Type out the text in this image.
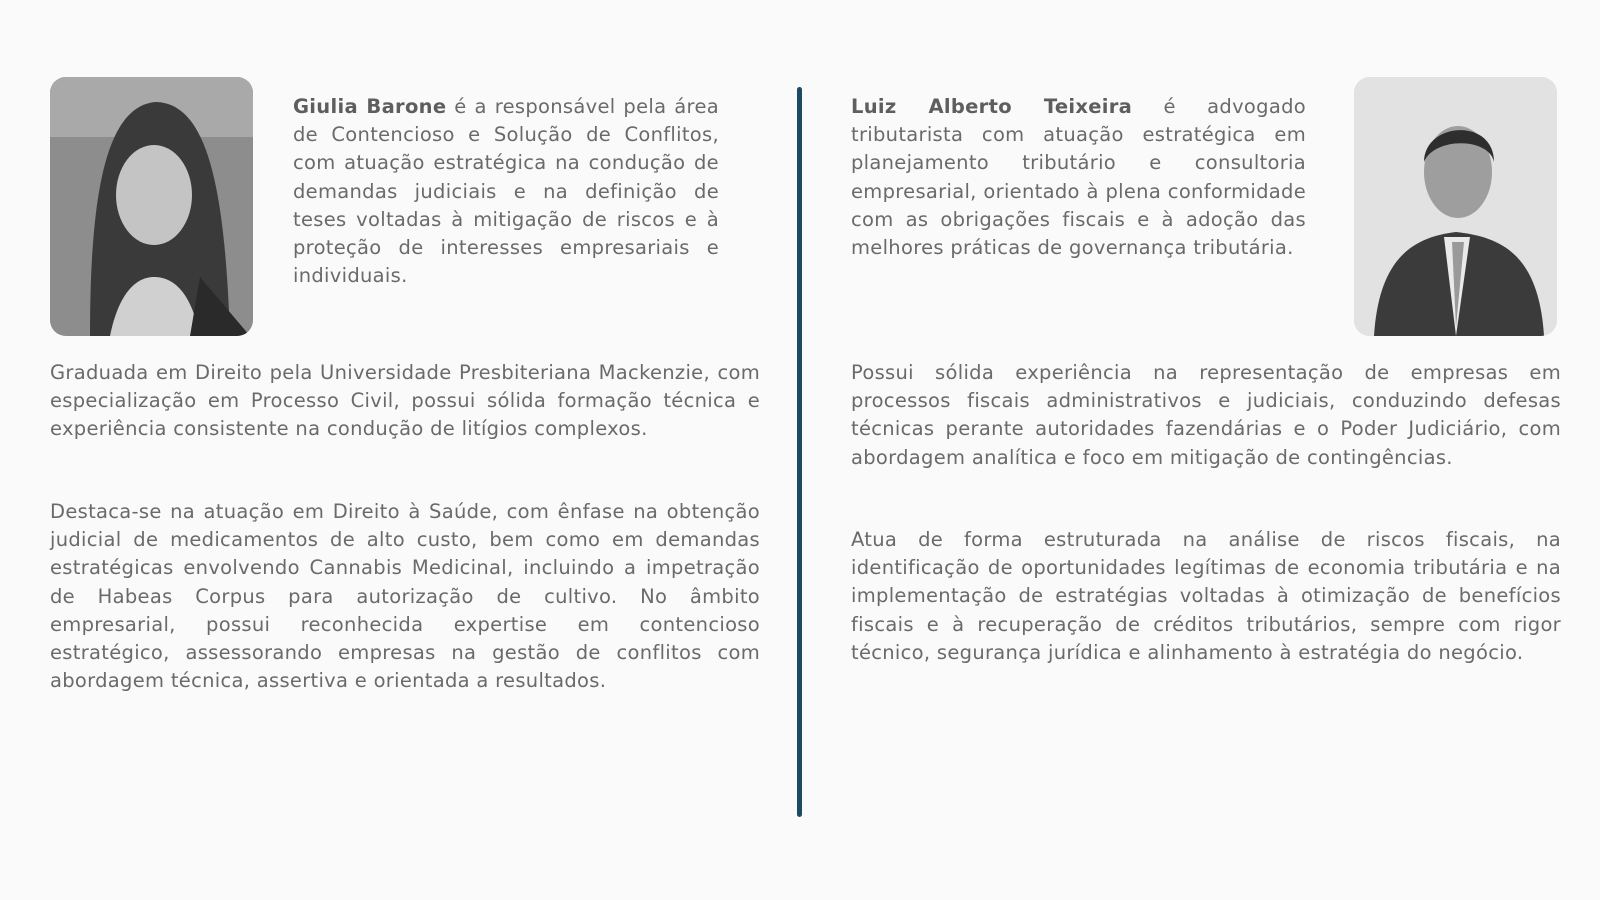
Giulia Barone é a responsável pela área de Contencioso e Solução de Conflitos, com atuação estratégica na condução de demandas judiciais e na definição de teses voltadas à mitigação de riscos e à proteção de interesses empresariais e individuais.

Graduada em Direito pela Universidade Presbiteriana Mackenzie, com especialização em Processo Civil, possui sólida formação técnica e experiência consistente na condução de litígios complexos.

Destaca-se na atuação em Direito à Saúde, com ênfase na obtenção judicial de medicamentos de alto custo, bem como em demandas estratégicas envolvendo Cannabis Medicinal, incluindo a impetração de Habeas Corpus para autorização de cultivo. No âmbito empresarial, possui reconhecida expertise em contencioso estratégico, assessorando empresas na gestão de conflitos com abordagem técnica, assertiva e orientada a resultados.

Luiz Alberto Teixeira é advogado tributarista com atuação estratégica em planejamento tributário e consultoria empresarial, orientado à plena conformidade com as obrigações fiscais e à adoção das melhores práticas de governança tributária.

Possui sólida experiência na representação de empresas em processos fiscais administrativos e judiciais, conduzindo defesas técnicas perante autoridades fazendárias e o Poder Judiciário, com abordagem analítica e foco em mitigação de contingências.

Atua de forma estruturada na análise de riscos fiscais, na identificação de oportunidades legítimas de economia tributária e na implementação de estratégias voltadas à otimização de benefícios fiscais e à recuperação de créditos tributários, sempre com rigor técnico, segurança jurídica e alinhamento à estratégia do negócio.
